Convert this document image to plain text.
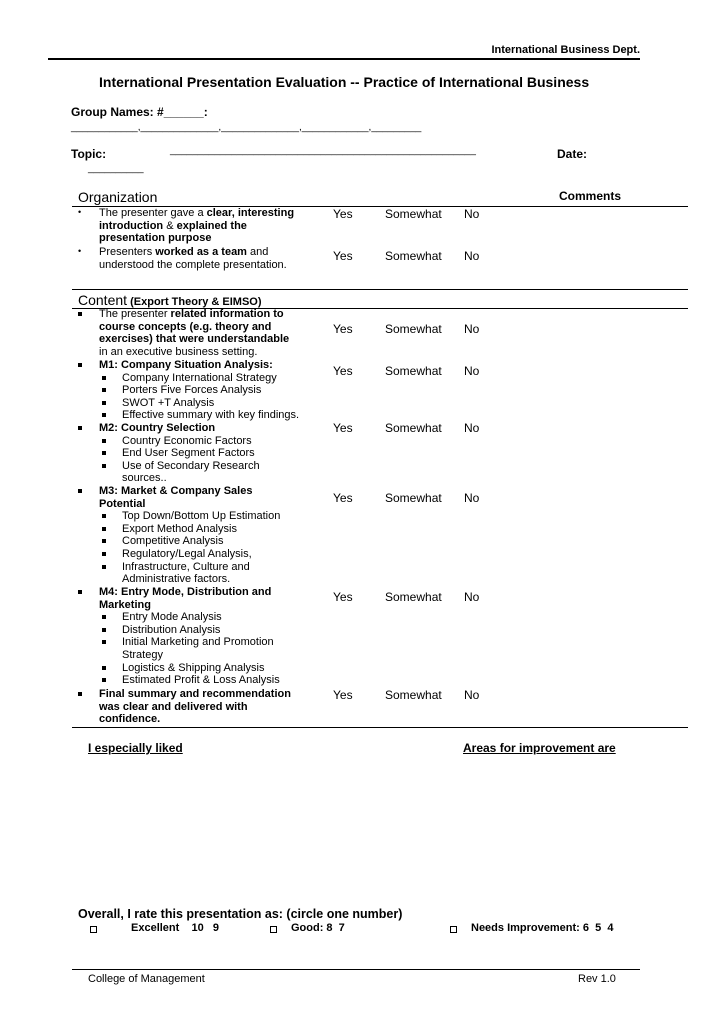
International Business Dept.
International Presentation Evaluation -- Practice of International Business
Group Names: #______:
____________,______________,______________,____________,_________
Topic:	_______________________________________________________	Date:
__________
Organization	Comments
• The presenter gave a clear, interesting
introduction & explained the
presentation purpose
Yes	Somewhat No
• Presenters worked as a team and
understood the complete presentation.
Yes	Somewhat No
Content (Export Theory & EIMSO)
The presenter related information to
course concepts (e.g. theory and
exercises) that were understandable
in an executive business setting.
Yes	Somewhat No
M1: Company Situation Analysis:
Company International Strategy
Porters Five Forces Analysis
SWOT +T Analysis
Effective summary with key findings.
Yes	Somewhat No
M2: Country Selection
Country Economic Factors
End User Segment Factors
Use of Secondary Research
sources..
Yes	Somewhat No
M3: Market & Company Sales
Potential
Top Down/Bottom Up Estimation
Export Method Analysis
Competitive Analysis
Regulatory/Legal Analysis,
Infrastructure, Culture and
Administrative factors.
Yes	Somewhat No
M4: Entry Mode, Distribution and
Marketing
Entry Mode Analysis
Distribution Analysis
Initial Marketing and Promotion
Strategy
Logistics & Shipping Analysis
Estimated Profit & Loss Analysis
Yes	Somewhat No
Final summary and recommendation
was clear and delivered with
confidence.
Yes	Somewhat No
I especially liked	Areas for improvement are
Overall, I rate this presentation as: (circle one number)
Excellent    10   9	Good: 8  7	Needs Improvement: 6  5  4
College of Management	Rev 1.0
